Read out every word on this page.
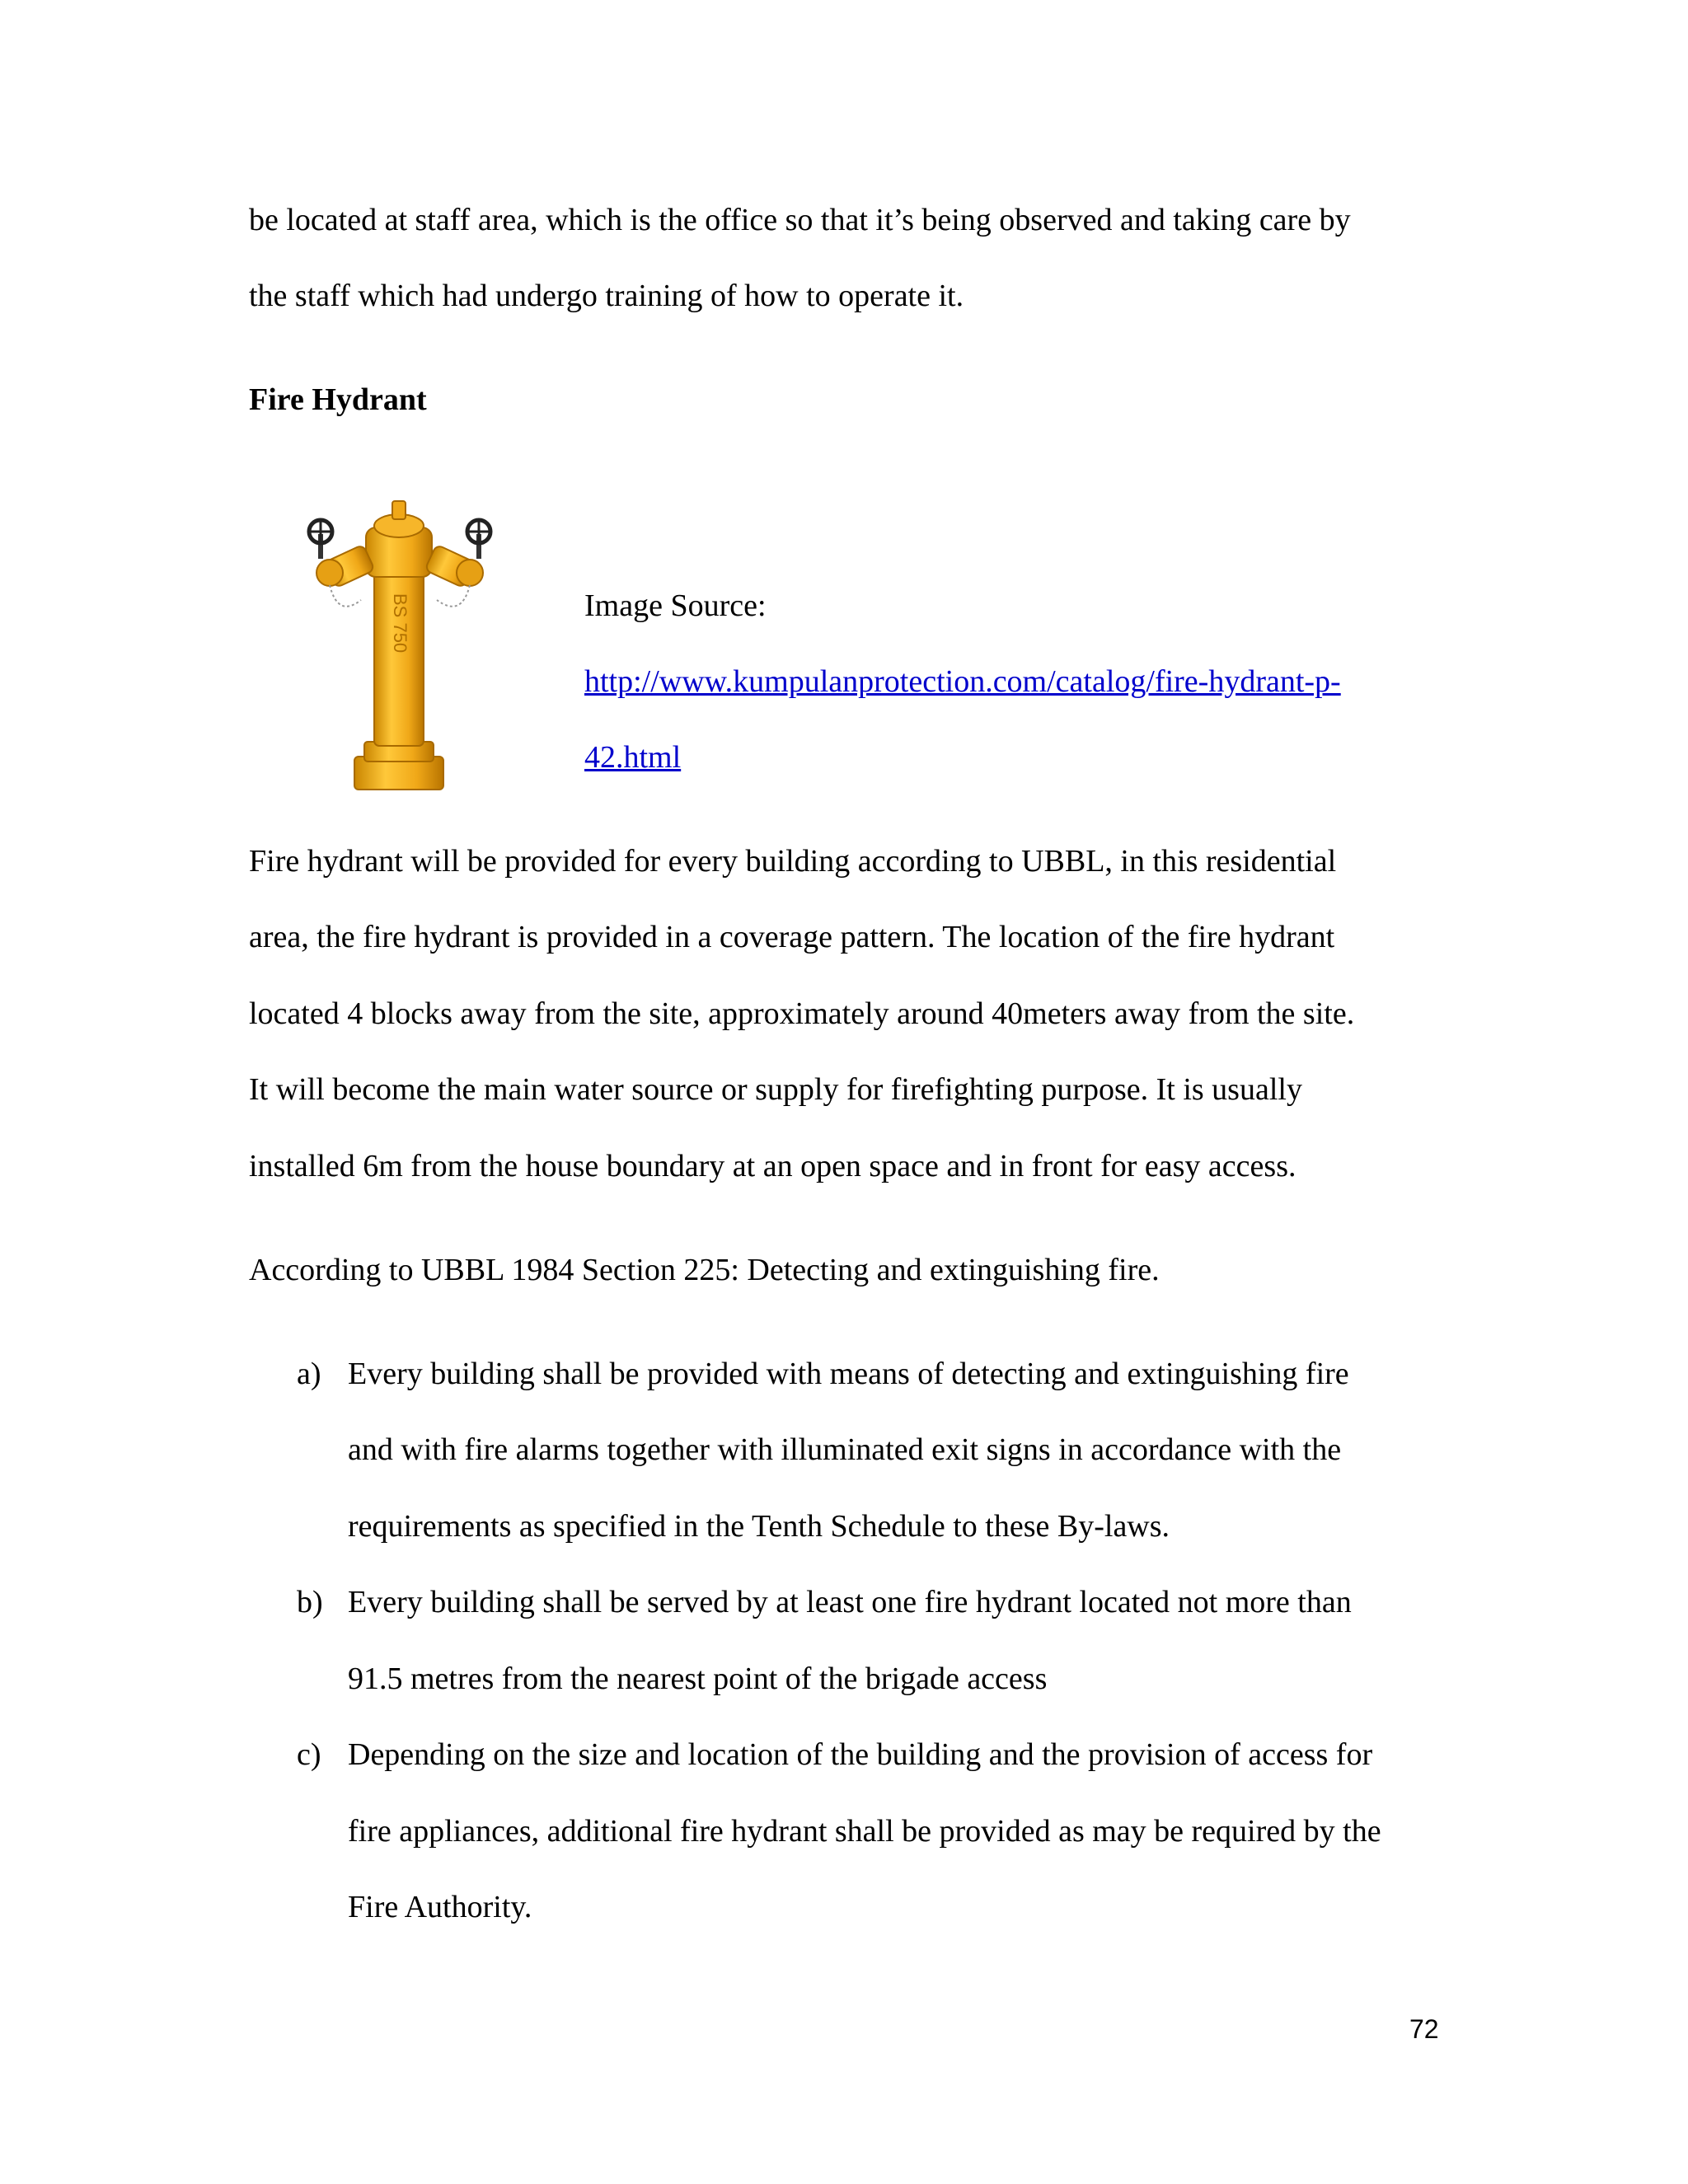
be located at staff area, which is the office so that it’s being observed and taking care by

the staff which had undergo training of how to operate it.

Fire Hydrant

BS 750	Image Source:
http://www.kumpulanprotection.com/catalog/fire-hydrant-p-
42.html

Fire hydrant will be provided for every building according to UBBL, in this residential

area, the fire hydrant is provided in a coverage pattern. The location of the fire hydrant

located 4 blocks away from the site, approximately around 40meters away from the site.

It will become the main water source or supply for firefighting purpose. It is usually

installed 6m from the house boundary at an open space and in front for easy access.

According to UBBL 1984 Section 225: Detecting and extinguishing fire.

a) Every building shall be provided with means of detecting and extinguishing fire
and with fire alarms together with illuminated exit signs in accordance with the
requirements as specified in the Tenth Schedule to these By-laws.
b) Every building shall be served by at least one fire hydrant located not more than
91.5 metres from the nearest point of the brigade access
c) Depending on the size and location of the building and the provision of access for
fire appliances, additional fire hydrant shall be provided as may be required by the
Fire Authority.
72
